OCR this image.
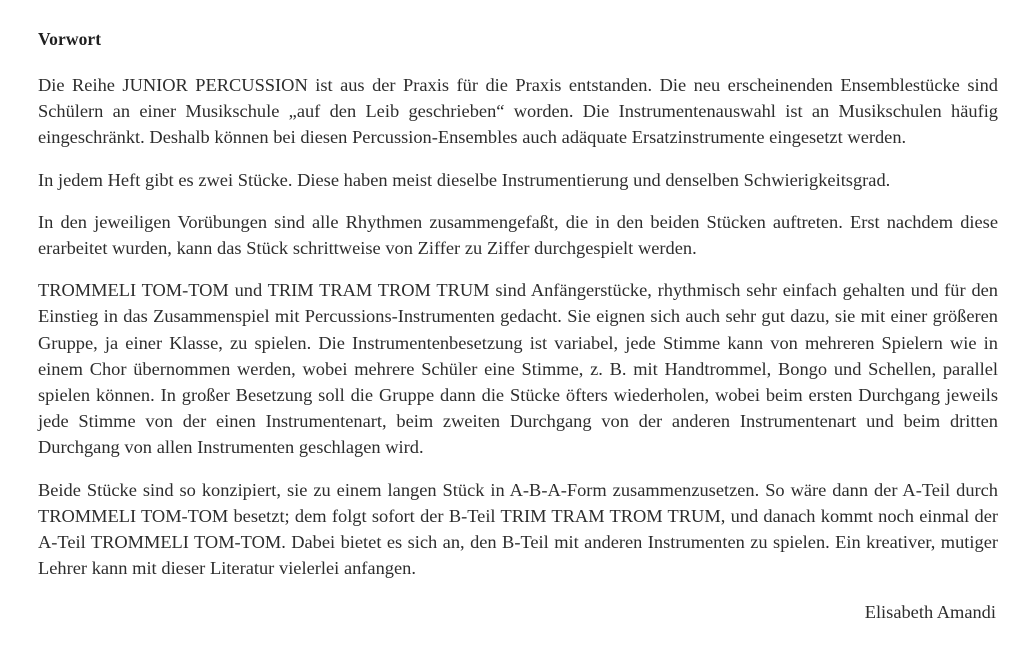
Vorwort

Die Reihe JUNIOR PERCUSSION ist aus der Praxis für die Praxis entstanden. Die neu erscheinenden Ensemblestücke sind Schülern an einer Musikschule „auf den Leib geschrieben“ worden. Die Instrumentenauswahl ist an Musikschulen häufig eingeschränkt. Deshalb können bei diesen Percussion-Ensembles auch adäquate Ersatzinstrumente eingesetzt werden.

In jedem Heft gibt es zwei Stücke. Diese haben meist dieselbe Instrumentierung und denselben Schwierigkeitsgrad.

In den jeweiligen Vorübungen sind alle Rhythmen zusammengefaßt, die in den beiden Stücken auftreten. Erst nachdem diese erarbeitet wurden, kann das Stück schrittweise von Ziffer zu Ziffer durchgespielt werden.

TROMMELI TOM-TOM und TRIM TRAM TROM TRUM sind Anfängerstücke, rhythmisch sehr einfach gehalten und für den Einstieg in das Zusammenspiel mit Percussions-Instrumenten gedacht. Sie eignen sich auch sehr gut dazu, sie mit einer größeren Gruppe, ja einer Klasse, zu spielen. Die Instrumentenbesetzung ist variabel, jede Stimme kann von mehreren Spielern wie in einem Chor übernommen werden, wobei mehrere Schüler eine Stimme, z. B. mit Handtrommel, Bongo und Schellen, parallel spielen können. In großer Besetzung soll die Gruppe dann die Stücke öfters wiederholen, wobei beim ersten Durchgang jeweils jede Stimme von der einen Instrumentenart, beim zweiten Durchgang von der anderen Instrumentenart und beim dritten Durchgang von allen Instrumenten geschlagen wird.

Beide Stücke sind so konzipiert, sie zu einem langen Stück in A-B-A-Form zusammenzusetzen. So wäre dann der A-Teil durch TROMMELI TOM-TOM besetzt; dem folgt sofort der B-Teil TRIM TRAM TROM TRUM, und danach kommt noch einmal der A-Teil TROMMELI TOM-TOM. Dabei bietet es sich an, den B-Teil mit anderen Instrumenten zu spielen. Ein kreativer, mutiger Lehrer kann mit dieser Literatur vielerlei anfangen.

Elisabeth Amandi
